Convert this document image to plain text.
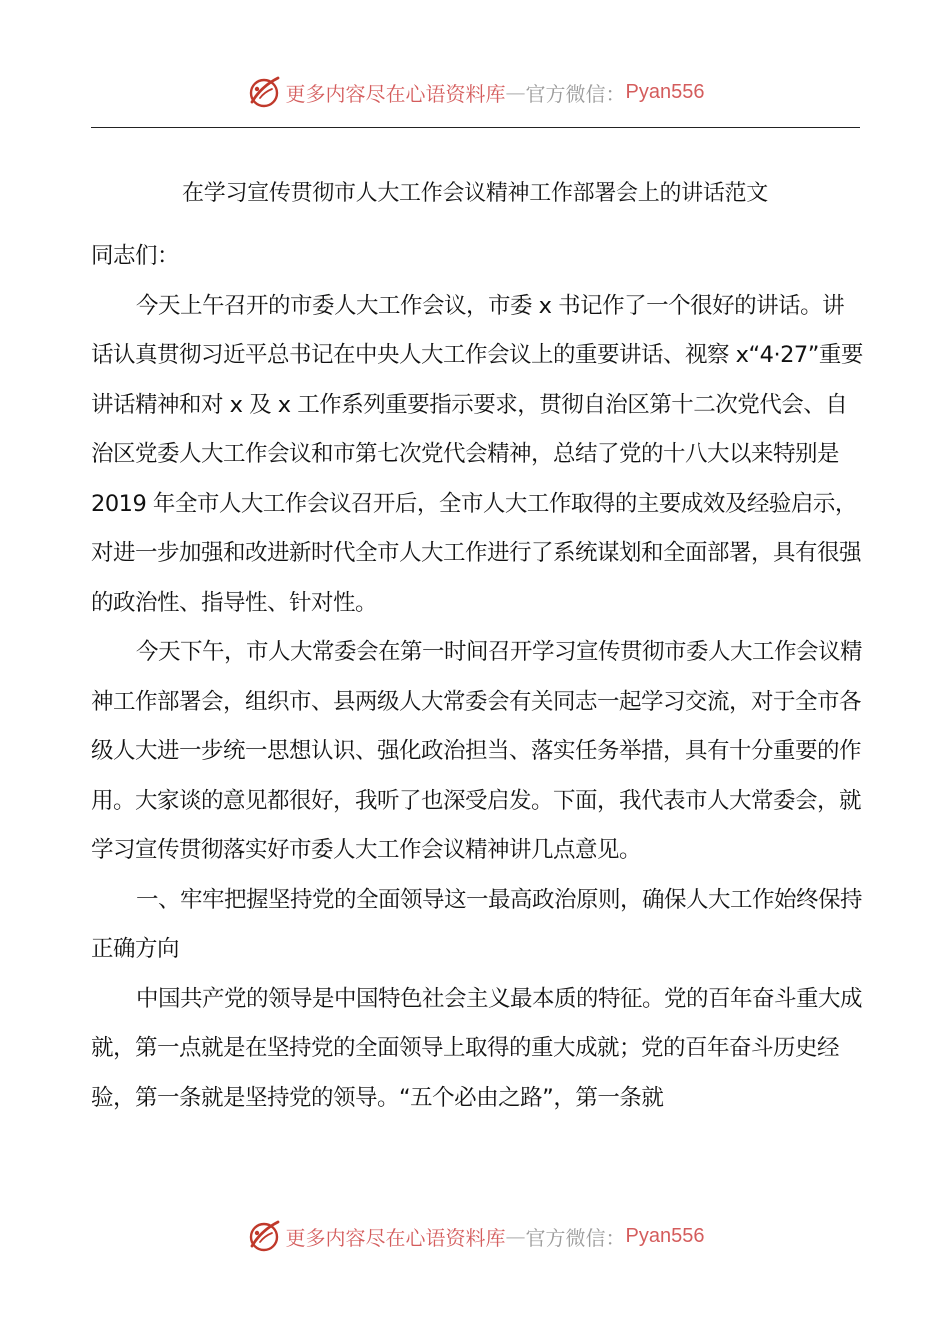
更多内容尽在心语资料库 — 官方微信： Pyan556
在学习宣传贯彻市人大工作会议精神工作部署会上的讲话范文

同志们：

今天上午召开的市委人大工作会议，市委 x 书记作了一个很好的讲话。讲话认真贯彻习近平总书记在中央人大工作会议上的重要讲话、视察 x“4·27”重要讲话精神和对 x 及 x 工作系列重要指示要求，贯彻自治区第十二次党代会、自治区党委人大工作会议和市第七次党代会精神，总结了党的十八大以来特别是 2019 年全市人大工作会议召开后，全市人大工作取得的主要成效及经验启示，对进一步加强和改进新时代全市人大工作进行了系统谋划和全面部署，具有很强的政治性、指导性、针对性。

今天下午，市人大常委会在第一时间召开学习宣传贯彻市委人大工作会议精神工作部署会，组织市、县两级人大常委会有关同志一起学习交流，对于全市各级人大进一步统一思想认识、强化政治担当、落实任务举措，具有十分重要的作用。大家谈的意见都很好，我听了也深受启发。下面，我代表市人大常委会，就学习宣传贯彻落实好市委人大工作会议精神讲几点意见。

一、牢牢把握坚持党的全面领导这一最高政治原则，确保人大工作始终保持正确方向

中国共产党的领导是中国特色社会主义最本质的特征。党的百年奋斗重大成就，第一点就是在坚持党的全面领导上取得的重大成就；党的百年奋斗历史经验，第一条就是坚持党的领导。“五个必由之路”，第一条就

更多内容尽在心语资料库 — 官方微信： Pyan556
